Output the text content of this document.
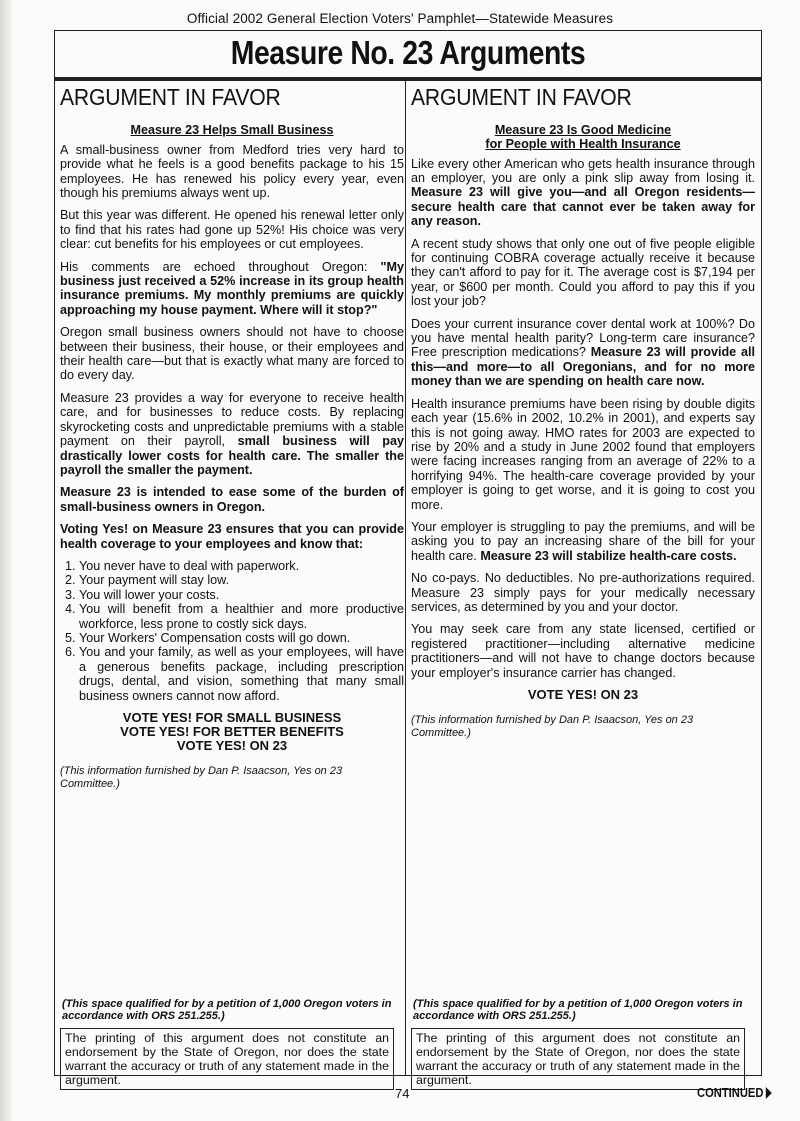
Official 2002 General Election Voters' Pamphlet—Statewide Measures
Measure No. 23 Arguments
ARGUMENT IN FAVOR
Measure 23 Helps Small Business
A small-business owner from Medford tries very hard to provide what he feels is a good benefits package to his 15 employees. He has renewed his policy every year, even though his premiums always went up.
But this year was different. He opened his renewal letter only to find that his rates had gone up 52%! His choice was very clear: cut benefits for his employees or cut employees.
His comments are echoed throughout Oregon: "My business just received a 52% increase in its group health insurance premiums. My monthly premiums are quickly approaching my house payment. Where will it stop?"
Oregon small business owners should not have to choose between their business, their house, or their employees and their health care—but that is exactly what many are forced to do every day.
Measure 23 provides a way for everyone to receive health care, and for businesses to reduce costs. By replacing skyrocketing costs and unpredictable premiums with a stable payment on their payroll, small business will pay drastically lower costs for health care. The smaller the payroll the smaller the payment.
Measure 23 is intended to ease some of the burden of small-business owners in Oregon.
Voting Yes! on Measure 23 ensures that you can provide health coverage to your employees and know that:
1. You never have to deal with paperwork.
2. Your payment will stay low.
3. You will lower your costs.
4. You will benefit from a healthier and more productive workforce, less prone to costly sick days.
5. Your Workers' Compensation costs will go down.
6. You and your family, as well as your employees, will have a generous benefits package, including prescription drugs, dental, and vision, something that many small business owners cannot now afford.
VOTE YES! FOR SMALL BUSINESS
VOTE YES! FOR BETTER BENEFITS
VOTE YES! ON 23
(This information furnished by Dan P. Isaacson, Yes on 23 Committee.)
ARGUMENT IN FAVOR
Measure 23 Is Good Medicine
for People with Health Insurance
Like every other American who gets health insurance through an employer, you are only a pink slip away from losing it. Measure 23 will give you—and all Oregon residents—secure health care that cannot ever be taken away for any reason.
A recent study shows that only one out of five people eligible for continuing COBRA coverage actually receive it because they can't afford to pay for it. The average cost is $7,194 per year, or $600 per month. Could you afford to pay this if you lost your job?
Does your current insurance cover dental work at 100%? Do you have mental health parity? Long-term care insurance? Free prescription medications? Measure 23 will provide all this—and more—to all Oregonians, and for no more money than we are spending on health care now.
Health insurance premiums have been rising by double digits each year (15.6% in 2002, 10.2% in 2001), and experts say this is not going away. HMO rates for 2003 are expected to rise by 20% and a study in June 2002 found that employers were facing increases ranging from an average of 22% to a horrifying 94%. The health-care coverage provided by your employer is going to get worse, and it is going to cost you more.
Your employer is struggling to pay the premiums, and will be asking you to pay an increasing share of the bill for your health care. Measure 23 will stabilize health-care costs.
No co-pays. No deductibles. No pre-authorizations required. Measure 23 simply pays for your medically necessary services, as determined by you and your doctor.
You may seek care from any state licensed, certified or registered practitioner—including alternative medicine practitioners—and will not have to change doctors because your employer's insurance carrier has changed.
VOTE YES! ON 23
(This information furnished by Dan P. Isaacson, Yes on 23 Committee.)
(This space qualified for by a petition of 1,000 Oregon voters in accordance with ORS 251.255.)
(This space qualified for by a petition of 1,000 Oregon voters in accordance with ORS 251.255.)
The printing of this argument does not constitute an endorsement by the State of Oregon, nor does the state warrant the accuracy or truth of any statement made in the argument.
The printing of this argument does not constitute an endorsement by the State of Oregon, nor does the state warrant the accuracy or truth of any statement made in the argument.
74	CONTINUED
